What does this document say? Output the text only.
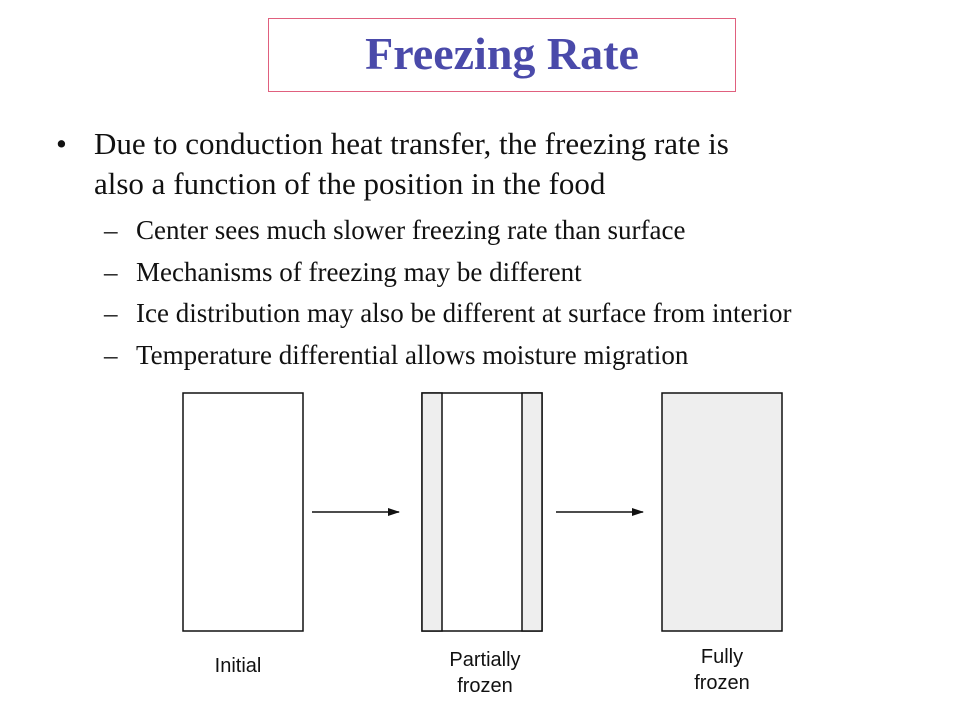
Freezing Rate
• Due to conduction heat transfer, the freezing rate is
also a function of the position in the food
– Center sees much slower freezing rate than surface
– Mechanisms of freezing may be different
– Ice distribution may also be different at surface from interior
– Temperature differential allows moisture migration
Initial	Partially
frozen
Fully
frozen
